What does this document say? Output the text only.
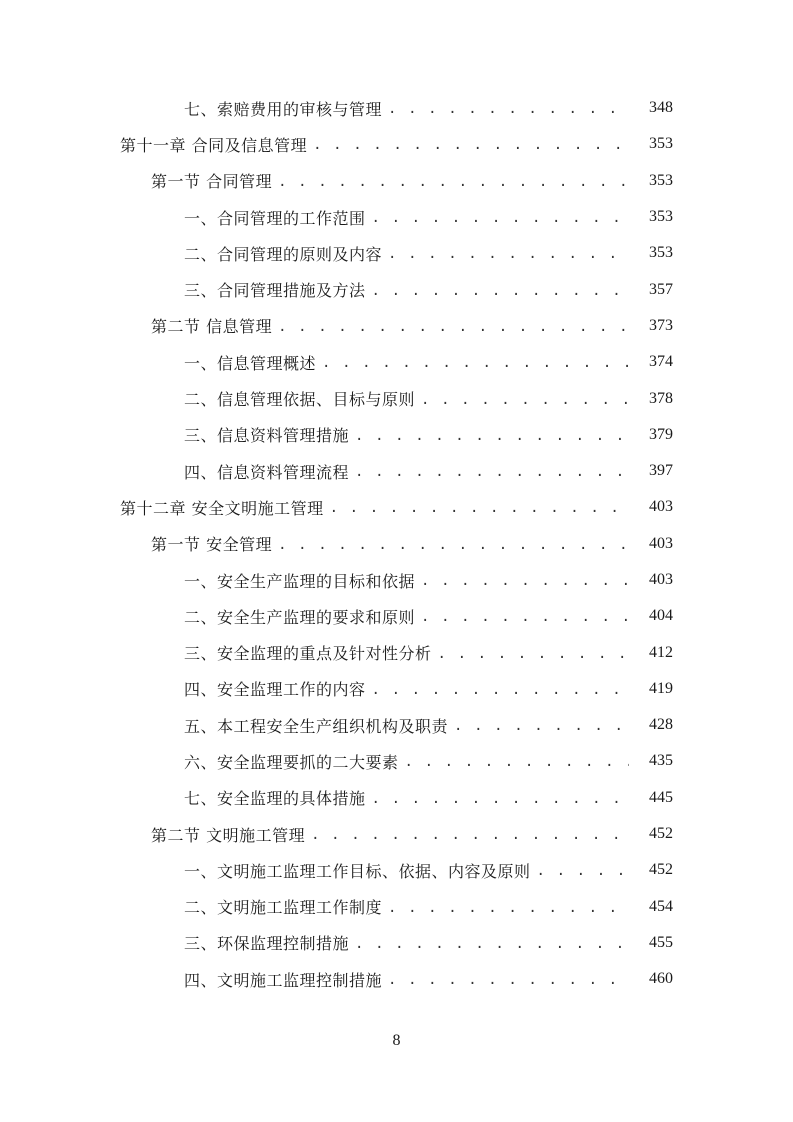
七、索赔费用的审核与管理 . . .	348
第十一章 合同及信息管理 . . .	353
第一节 合同管理 . . .	353
一、合同管理的工作范围 . . .	353
二、合同管理的原则及内容 . . .	353
三、合同管理措施及方法 . . .	357
第二节 信息管理 . . .	373
一、信息管理概述 . . .	374
二、信息管理依据、目标与原则 . . .	378
三、信息资料管理措施 . . .	379
四、信息资料管理流程 . . .	397
第十二章 安全文明施工管理 . . .	403
第一节 安全管理 . . .	403
一、安全生产监理的目标和依据 . . .	403
二、安全生产监理的要求和原则 . . .	404
三、安全监理的重点及针对性分析 . . .	412
四、安全监理工作的内容 . . .	419
五、本工程安全生产组织机构及职责 . . .	428
六、安全监理要抓的二大要素 . . .	435
七、安全监理的具体措施 . . .	445
第二节 文明施工管理 . . .	452
一、文明施工监理工作目标、依据、内容及原则 . . .	452
二、文明施工监理工作制度 . . .	454
三、环保监理控制措施 . . .	455
四、文明施工监理控制措施 . . .	460
8
